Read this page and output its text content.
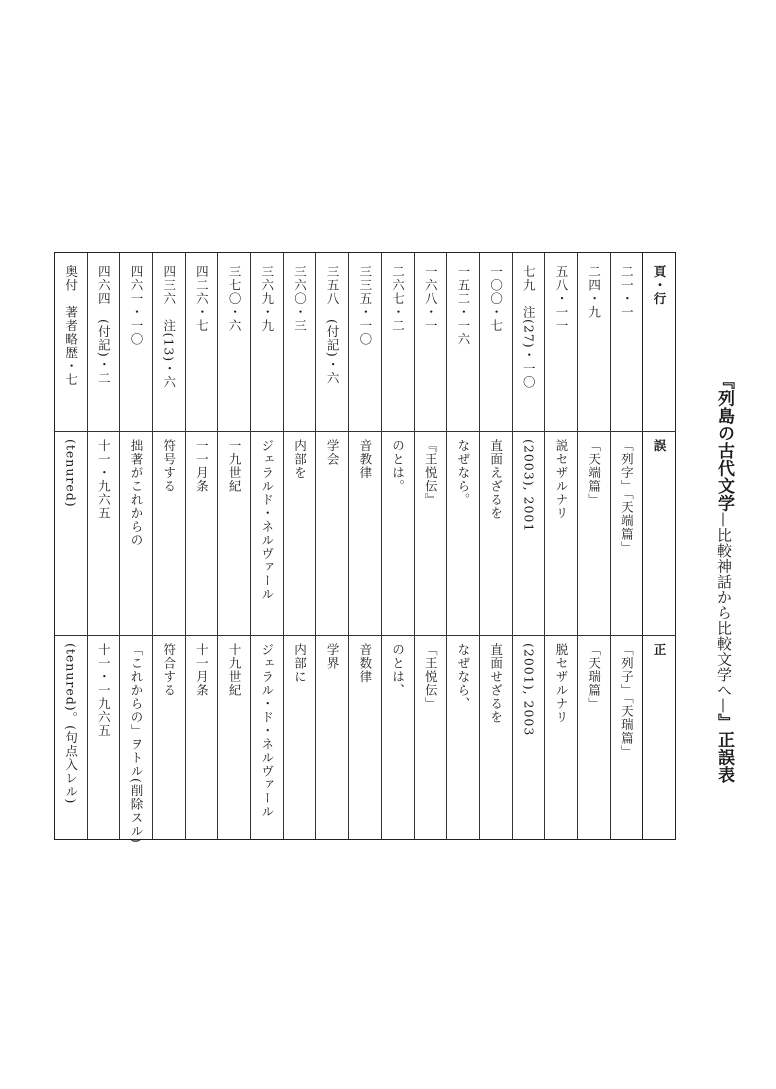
『列島の古代文学—比較神話から比較文学へ—』正誤表
頁・行
誤
正
二一・一
「列字」「天端篇」
「列子」「天瑞篇」
二四・九
「天端篇」
「天瑞篇」
五八・一一
説セザルナリ
脱セザルナリ
七九　注(27)・一〇
(2003), 2001
(2001), 2003
一〇〇・七
直面えざるを
直面せざるを
一五二・一六
なぜなら。
なぜなら、
一六八・一
『王悦伝』
「王悦伝」
二六七・二
のとは。
のとは、
三三五・一〇
音教律
音数律
三五八　(付記)・六
学会
学界
三六〇・三
内部を
内部に
三六九・九
ジェラルド・ネルヴァール
ジェラル・ド・ネルヴァール
三七〇・六
一九世紀
十九世紀
四二六・七
一一月条
十一月条
四三六　注(13)・六
符号する
符合する
四六一・一〇
拙著がこれからの
「これからの」ヲトル(削除スル)
四六四　(付記)・二
十一・九六五
十一・一九六五
奥付　著者略歴・七
(tenured)
(tenured)。(句点入レル)
